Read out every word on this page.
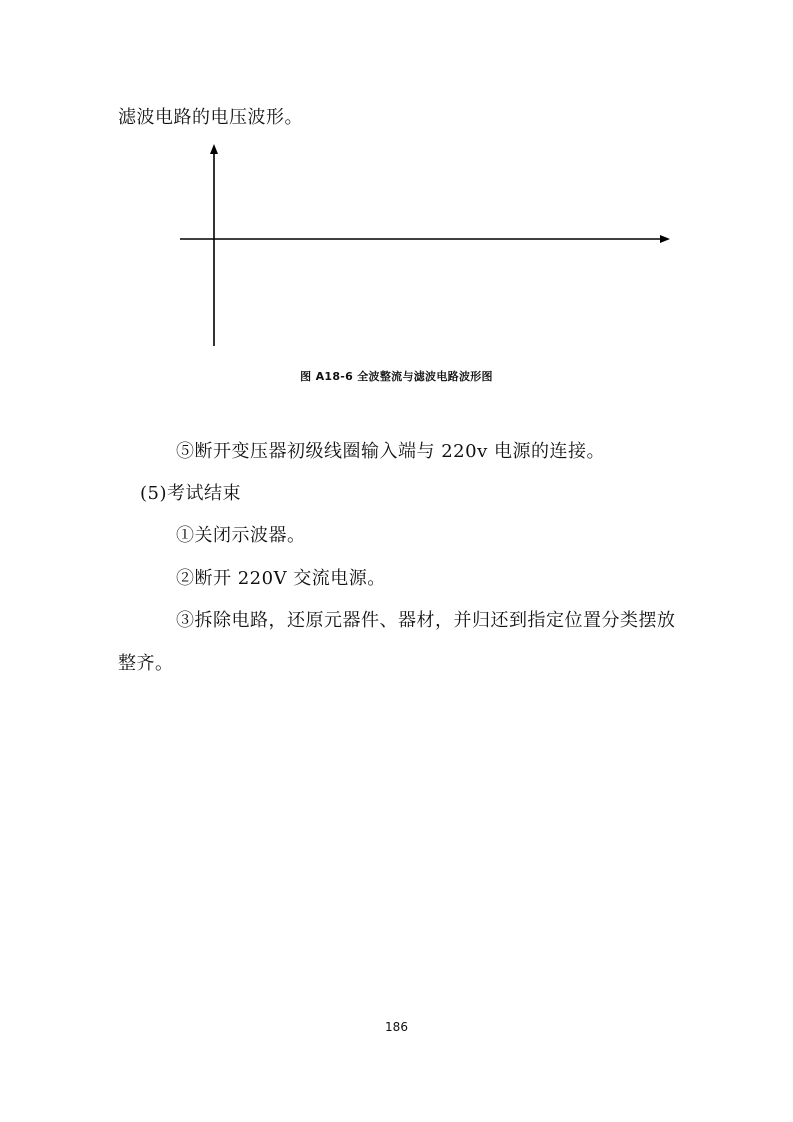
滤波电路的电压波形。
图 A18-6 全波整流与滤波电路波形图
⑤断开变压器初级线圈输入端与 220v 电源的连接。
(5)考试结束
①关闭示波器。
②断开 220V 交流电源。
③拆除电路，还原元器件、器材，并归还到指定位置分类摆放
整齐。
186
